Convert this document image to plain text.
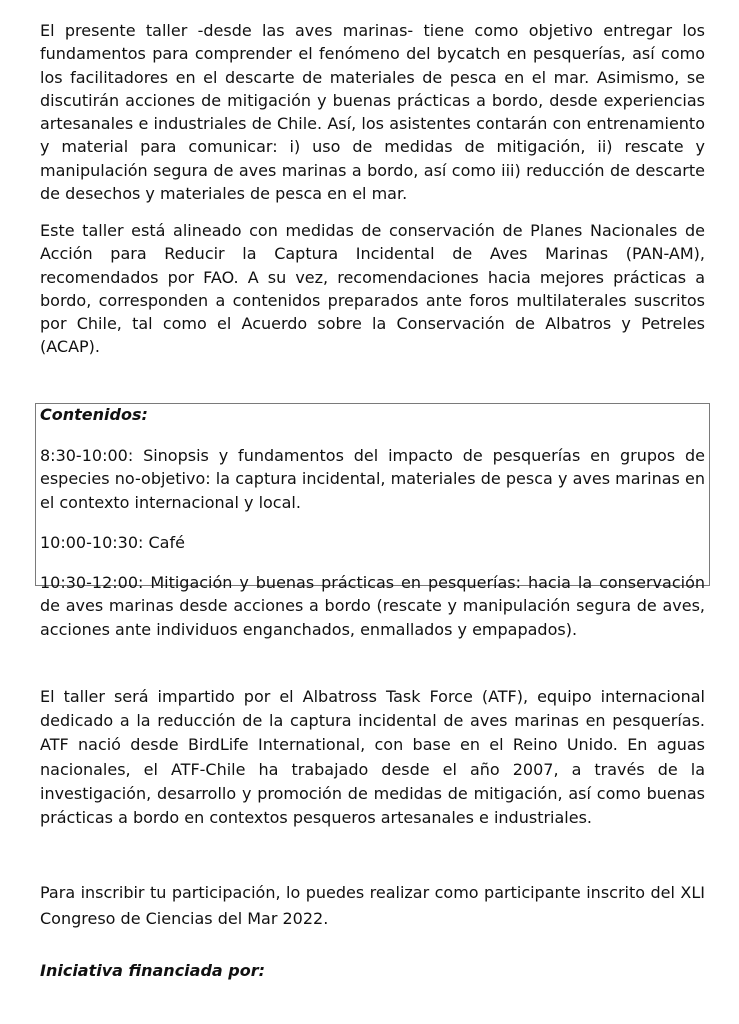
El presente taller -desde las aves marinas- tiene como objetivo entregar los fundamentos para comprender el fenómeno del bycatch en pesquerías, así como los facilitadores en el descarte de materiales de pesca en el mar. Asimismo, se discutirán acciones de mitigación y buenas prácticas a bordo, desde experiencias artesanales e industriales de Chile. Así, los asistentes contarán con entrenamiento y material para comunicar: i) uso de medidas de mitigación, ii) rescate y manipulación segura de aves marinas a bordo, así como iii) reducción de descarte de desechos y materiales de pesca en el mar.

Este taller está alineado con medidas de conservación de Planes Nacionales de Acción para Reducir la Captura Incidental de Aves Marinas (PAN-AM), recomendados por FAO. A su vez, recomendaciones hacia mejores prácticas a bordo, corresponden a contenidos preparados ante foros multilaterales suscritos por Chile, tal como el Acuerdo sobre la Conservación de Albatros y Petreles (ACAP).

Contenidos:

8:30-10:00: Sinopsis y fundamentos del impacto de pesquerías en grupos de especies no-objetivo: la captura incidental, materiales de pesca y aves marinas en el contexto internacional y local.

10:00-10:30: Café

10:30-12:00: Mitigación y buenas prácticas en pesquerías: hacia la conservación de aves marinas desde acciones a bordo (rescate y manipulación segura de aves, acciones ante individuos enganchados, enmallados y empapados).

El taller será impartido por el Albatross Task Force (ATF), equipo internacional dedicado a la reducción de la captura incidental de aves marinas en pesquerías. ATF nació desde BirdLife International, con base en el Reino Unido. En aguas nacionales, el ATF-Chile ha trabajado desde el año 2007, a través de la investigación, desarrollo y promoción de medidas de mitigación, así como buenas prácticas a bordo en contextos pesqueros artesanales e industriales.

Para inscribir tu participación, lo puedes realizar como participante inscrito del XLI Congreso de Ciencias del Mar 2022.

Iniciativa financiada por:
